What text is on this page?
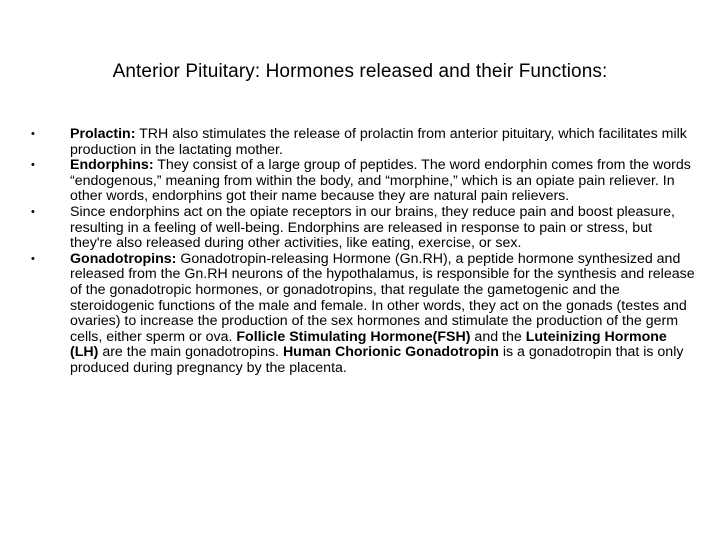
Anterior Pituitary: Hormones released and their Functions:
• Prolactin: TRH also stimulates the release of prolactin from anterior pituitary, which facilitates milk production in the lactating mother.
• Endorphins: They consist of a large group of peptides. The word endorphin comes from the words “endogenous,” meaning from within the body, and “morphine,” which is an opiate pain reliever. In other words, endorphins got their name because they are natural pain relievers.
• Since endorphins act on the opiate receptors in our brains, they reduce pain and boost pleasure, resulting in a feeling of well-being. Endorphins are released in response to pain or stress, but they're also released during other activities, like eating, exercise, or sex.
• Gonadotropins: Gonadotropin-releasing Hormone (Gn.RH), a peptide hormone synthesized and released from the Gn.RH neurons of the hypothalamus, is responsible for the synthesis and release of the gonadotropic hormones, or gonadotropins, that regulate the gametogenic and the steroidogenic functions of the male and female. In other words, they act on the gonads (testes and ovaries) to increase the production of the sex hormones and stimulate the production of the germ cells, either sperm or ova. Follicle Stimulating Hormone(FSH) and the Luteinizing Hormone (LH) are the main gonadotropins. Human Chorionic Gonadotropin is a gonadotropin that is only produced during pregnancy by the placenta.
